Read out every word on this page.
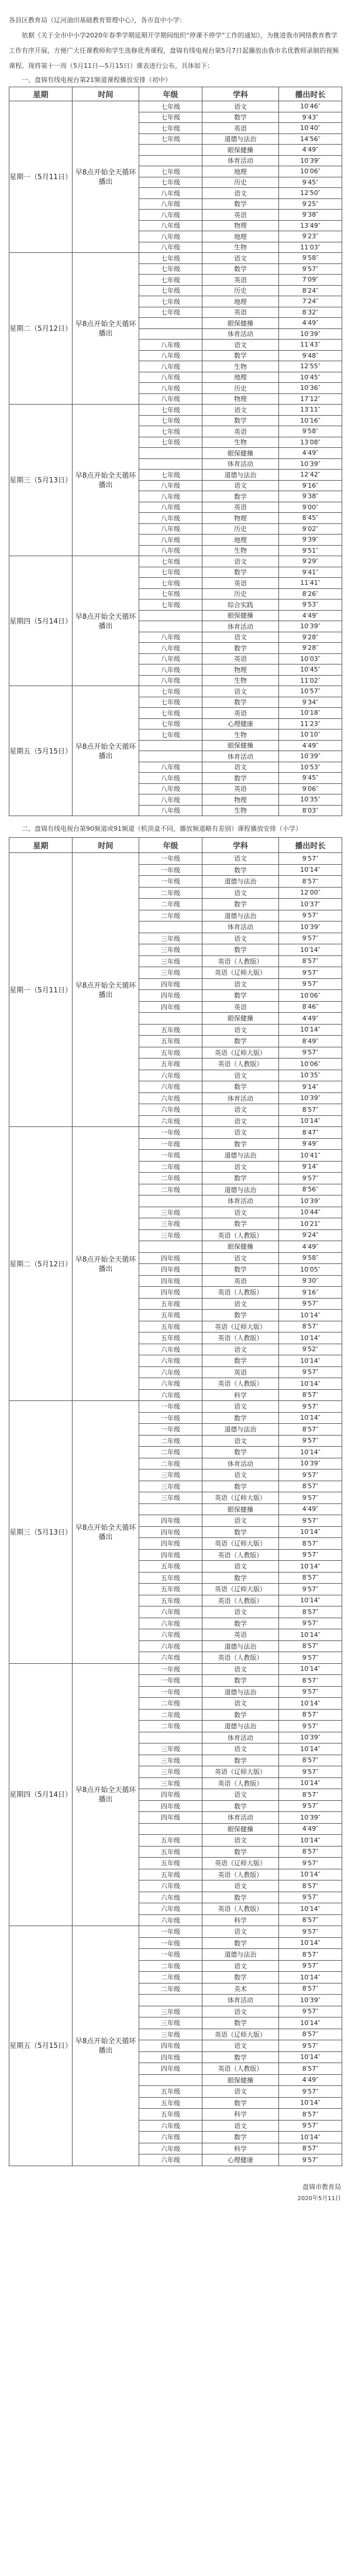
各县区教育局（辽河油田基础教育管理中心），各市直中小学：

依据《关于全市中小学2020年春季学期延期开学期间组织“停课不停学”工作的通知》，为推进我市网络教育教学工作有序开展，方便广大任课教师和学生选修优秀课程，盘锦有线电视台第5月7日起播放由我市名优教师录制的视频课程。现将第十一周（5月11日—5月15日）课表进行公布，具体如下：

一、盘锦有线电视台第21频道课程播放安排（初中）

星期	时间	年级	学科	播出时长
星期一（5月11日）	早8点开始全天循环播出	七年级	语文	10′46″
		七年级	数学	9′43″
		七年级	英语	10′40″
		七年级	道德与法治	14′56″
			眼保健操	4′49″
			体育活动	10′39″
		七年级	地理	10′06″
		七年级	历史	9′45″
		八年级	语文	12′50″
		八年级	数学	9′25″
		八年级	英语	9′38″
		八年级	物理	13′49″
		八年级	地理	9′23″
		八年级	生物	11′03″
星期二（5月12日）	早8点开始全天循环播出	七年级	语文	9′58″
		七年级	数学	9′57″
		七年级	英语	7′09″
		七年级	历史	8′24″
		七年级	地理	7′24″
		七年级	英语	8′32″
			眼保健操	4′49″
			体育活动	10′39″
		八年级	语文	11′43″
		八年级	数学	9′48″
		八年级	生物	12′55″
		八年级	地理	10′45″
		八年级	历史	10′36″
		八年级	物理	17′12″
星期三（5月13日）	早8点开始全天循环播出	七年级	语文	13′11″
		七年级	数学	10′16″
		七年级	英语	9′58″
		七年级	生物	13′08″
			眼保健操	4′49″
			体育活动	10′39″
		七年级	道德与法治	12′42″
		八年级	语文	9′16″
		八年级	数学	9′38″
		八年级	英语	9′00″
		八年级	物理	8′45″
		八年级	历史	9′02″
		八年级	地理	9′39″
		八年级	生物	9′51″
星期四（5月14日）	早8点开始全天循环播出	七年级	语文	9′29″
		七年级	数学	9′41″
		七年级	英语	11′41″
		七年级	历史	8′26″
		七年级	综合实践	9′53″
			眼保健操	4′49″
			体育活动	10′39″
		八年级	语文	9′28″
		八年级	数学	9′28″
		八年级	英语	10′03″
		八年级	物理	10′45″
		八年级	生物	11′02″
星期五（5月15日）	早8点开始全天循环播出	七年级	语文	10′57″
		七年级	数学	9′34″
		七年级	英语	10′18″
		七年级	心理健康	11′23″
		七年级	生物	10′10″
			眼保健操	4′49″
			体育活动	10′39″
		八年级	语文	10′53″
		八年级	数学	9′45″
		八年级	英语	9′06″
		八年级	物理	10′35″
		八年级	生物	8′03″

二、盘锦有线电视台第90频道或91频道（机顶盒不同，播放频道略有差别）课程播放安排（小学）

星期	时间	年级	学科	播出时长
星期一（5月11日）	早8点开始全天循环播出	一年级	语文	9′57″
		一年级	数学	10′14″
		一年级	道德与法治	8′57″
		二年级	语文	12′00″
		二年级	数学	10′37″
		二年级	道德与法治	9′57″
			体育活动	10′39″
		三年级	语文	9′57″
		三年级	数学	10′14″
		三年级	英语（人教版）	8′57″
		三年级	英语（辽师大版）	9′57″
		四年级	语文	9′57″
		四年级	数学	10′06″
		四年级	英语	8′46″
			眼保健操	4′49″
		五年级	语文	10′14″
		五年级	数学	8′49″
		五年级	英语（辽师大版）	9′57″
		五年级	英语（人教版）	10′06″
		六年级	语文	10′35″
		六年级	数学	9′14″
		六年级	体育活动	10′39″
		六年级	语文	8′57″
		六年级	语文	10′14″
星期二（5月12日）	早8点开始全天循环播出	一年级	语文	8′47″
		一年级	数学	9′49″
		一年级	道德与法治	10′41″
		二年级	语文	9′14″
		二年级	数学	9′57″
		二年级	道德与法治	8′56″
			体育活动	10′39″
		三年级	语文	10′44″
		三年级	数学	10′21″
		三年级	英语（人教版）	9′24″
			眼保健操	4′49″
		四年级	语文	9′58″
		四年级	数学	10′05″
		四年级	英语	9′30″
		四年级	英语（人教版）	9′16″
		五年级	语文	9′57″
		五年级	数学	10′14″
		五年级	英语（辽师大版）	8′57″
		五年级	英语（人教版）	10′14″
		六年级	语文	9′52″
		六年级	数学	10′14″
		六年级	英语	9′57″
		六年级	英语（人教版）	10′14″
		六年级	科学	8′57″
星期三（5月13日）	早8点开始全天循环播出	一年级	语文	9′57″
		一年级	数学	10′14″
		一年级	道德与法治	8′57″
		二年级	语文	9′57″
		二年级	数学	10′14″
		二年级	体育活动	10′39″
		三年级	语文	9′57″
		三年级	数学	8′57″
		三年级	英语（辽师大版）	9′57″
			眼保健操	4′49″
		四年级	语文	9′57″
		四年级	数学	10′14″
		四年级	英语（辽师大版）	8′57″
		四年级	英语（人教版）	9′57″
		五年级	语文	10′14″
		五年级	数学	8′57″
		五年级	英语（辽师大版）	9′57″
		五年级	英语（人教版）	10′14″
		六年级	语文	8′57″
		六年级	数学	9′57″
		六年级	英语	10′14″
		六年级	道德与法治	8′57″
		六年级	英语（人教版）	9′57″
星期四（5月14日）	早8点开始全天循环播出	一年级	语文	10′14″
		一年级	数学	8′57″
		一年级	道德与法治	9′57″
		二年级	语文	10′14″
		二年级	数学	8′57″
		二年级	道德与法治	9′57″
			体育活动	10′39″
		三年级	语文	10′14″
		三年级	数学	8′57″
		三年级	英语（辽师大版）	9′57″
		三年级	英语（人教版）	10′14″
		四年级	语文	8′57″
		四年级	数学	9′57″
		四年级	体育活动	10′39″
			眼保健操	4′49″
		五年级	语文	10′14″
		五年级	数学	8′57″
		五年级	英语（辽师大版）	9′57″
		五年级	英语（人教版）	10′14″
		六年级	语文	8′57″
		六年级	数学	9′57″
		六年级	英语（人教版）	10′14″
		六年级	科学	8′57″
星期五（5月15日）	早8点开始全天循环播出	一年级	语文	9′57″
		一年级	数学	10′14″
		一年级	道德与法治	8′57″
		二年级	语文	9′57″
		二年级	数学	10′14″
		二年级	美术	8′57″
			体育活动	10′39″
		三年级	语文	9′57″
		三年级	数学	10′14″
		三年级	英语（辽师大版）	8′57″
		四年级	语文	9′57″
		四年级	数学	10′14″
		四年级	英语（人教版）	8′57″
			眼保健操	4′49″
		五年级	语文	9′57″
		五年级	数学	10′14″
		五年级	科学	8′57″
		六年级	语文	9′57″
		六年级	数学	10′14″
		六年级	科学	8′57″
		六年级	心理健康	9′57″
盘锦市教育局
2020年5月11日
